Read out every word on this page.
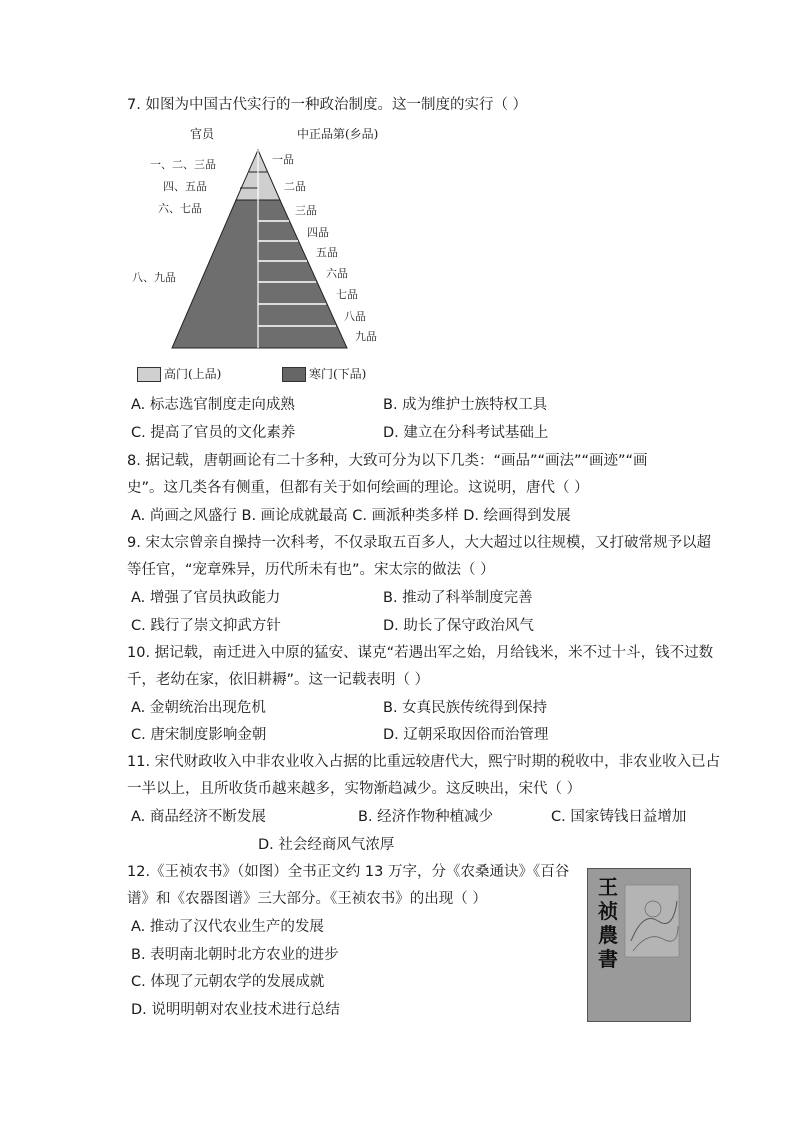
7. 如图为中国古代实行的一种政治制度。这一制度的实行（ ）
官员	中正品第(乡品)
一、二、三品
四、五品
六、七品
八、九品
一品
二品
三品
四品
五品
六品
七品
八品
九品
高门(上品)	寒门(下品)
A. 标志选官制度走向成熟	B. 成为维护士族特权工具
C. 提高了官员的文化素养	D. 建立在分科考试基础上
8. 据记载，唐朝画论有二十多种，大致可分为以下几类：“画品”“画法”“画迹”“画
史”。这几类各有侧重，但都有关于如何绘画的理论。这说明，唐代（ ）
A. 尚画之风盛行 B. 画论成就最高 C. 画派种类多样 D. 绘画得到发展
9. 宋太宗曾亲自操持一次科考，不仅录取五百多人，大大超过以往规模，又打破常规予以超
等任官，“宠章殊异，历代所未有也”。宋太宗的做法（ ）
A. 增强了官员执政能力	B. 推动了科举制度完善
C. 践行了崇文抑武方针	D. 助长了保守政治风气
10. 据记载，南迁进入中原的猛安、谋克“若遇出军之始，月给钱米，米不过十斗，钱不过数
千，老幼在家，依旧耕耨”。这一记载表明（ ）
A. 金朝统治出现危机	B. 女真民族传统得到保持
C. 唐宋制度影响金朝	D. 辽朝采取因俗而治管理
11. 宋代财政收入中非农业收入占据的比重远较唐代大，熙宁时期的税收中，非农业收入已占
一半以上，且所收货币越来越多，实物渐趋减少。这反映出，宋代（ ）
A. 商品经济不断发展	B. 经济作物种植减少	C. 国家铸钱日益增加
D. 社会经商风气浓厚
12.《王祯农书》（如图）全书正文约 13 万字，分《农桑通诀》《百谷
谱》和《农器图谱》三大部分。《王祯农书》的出现（ ）
A. 推动了汉代农业生产的发展
B. 表明南北朝时北方农业的进步
C. 体现了元朝农学的发展成就
D. 说明明朝对农业技术进行总结
王祯農書
